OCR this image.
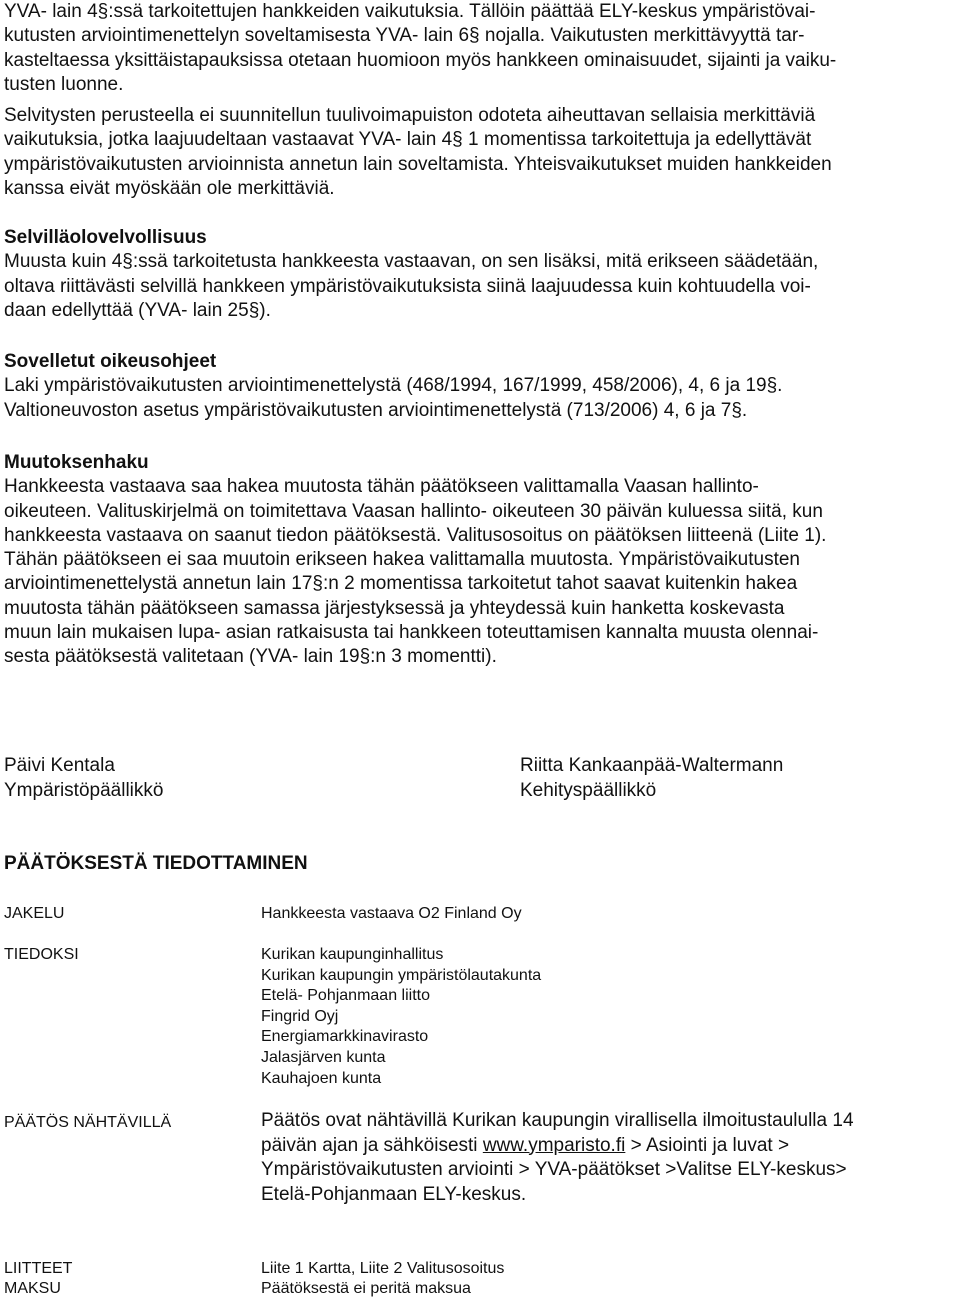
YVA- lain 4§:ssä tarkoitettujen hankkeiden vaikutuksia. Tällöin päättää ELY-keskus ympäristövai-

kutusten arviointimenettelyn soveltamisesta YVA- lain 6§ nojalla. Vaikutusten merkittävyyttä tar-

kasteltaessa yksittäistapauksissa otetaan huomioon myös hankkeen ominaisuudet, sijainti ja vaiku-

tusten luonne.

Selvitysten perusteella ei suunnitellun tuulivoimapuiston odoteta aiheuttavan sellaisia merkittäviä

vaikutuksia, jotka laajuudeltaan vastaavat YVA- lain 4§ 1 momentissa tarkoitettuja ja edellyttävät

ympäristövaikutusten arvioinnista annetun lain soveltamista. Yhteisvaikutukset muiden hankkeiden

kanssa eivät myöskään ole merkittäviä.

Selvilläolovelvollisuus

Muusta kuin 4§:ssä tarkoitetusta hankkeesta vastaavan, on sen lisäksi, mitä erikseen säädetään,

oltava riittävästi selvillä hankkeen ympäristövaikutuksista siinä laajuudessa kuin kohtuudella voi-

daan edellyttää (YVA- lain 25§).

Sovelletut oikeusohjeet

Laki ympäristövaikutusten arviointimenettelystä (468/1994, 167/1999, 458/2006), 4, 6 ja 19§.

Valtioneuvoston asetus ympäristövaikutusten arviointimenettelystä (713/2006) 4, 6 ja 7§.

Muutoksenhaku

Hankkeesta vastaava saa hakea muutosta tähän päätökseen valittamalla Vaasan hallinto-

oikeuteen. Valituskirjelmä on toimitettava Vaasan hallinto- oikeuteen 30 päivän kuluessa siitä, kun

hankkeesta vastaava on saanut tiedon päätöksestä. Valitusosoitus on päätöksen liitteenä (Liite 1).

Tähän päätökseen ei saa muutoin erikseen hakea valittamalla muutosta. Ympäristövaikutusten

arviointimenettelystä annetun lain 17§:n 2 momentissa tarkoitetut tahot saavat kuitenkin hakea

muutosta tähän päätökseen samassa järjestyksessä ja yhteydessä kuin hanketta koskevasta

muun lain mukaisen lupa- asian ratkaisusta tai hankkeen toteuttamisen kannalta muusta olennai-

sesta päätöksestä valitetaan (YVA- lain 19§:n 3 momentti).

Päivi Kentala
Ympäristöpäällikkö
Riitta Kankaanpää-Waltermann
Kehityspäällikkö
PÄÄTÖKSESTÄ TIEDOTTAMINEN
JAKELU	Hankkeesta vastaava O2 Finland Oy
TIEDOKSI	Kurikan kaupunginhallitus
Kurikan kaupungin ympäristölautakunta
Etelä- Pohjanmaan liitto
Fingrid Oyj
Energiamarkkinavirasto
Jalasjärven kunta
Kauhajoen kunta
PÄÄTÖS NÄHTÄVILLÄ	Päätös ovat nähtävillä Kurikan kaupungin virallisella ilmoitustaululla 14
päivän ajan ja sähköisesti www.ymparisto.fi > Asiointi ja luvat >
Ympäristövaikutusten arviointi > YVA-päätökset >Valitse ELY-keskus>
Etelä-Pohjanmaan ELY-keskus.
LIITTEET	Liite 1 Kartta, Liite 2 Valitusosoitus
MAKSU	Päätöksestä ei peritä maksua
